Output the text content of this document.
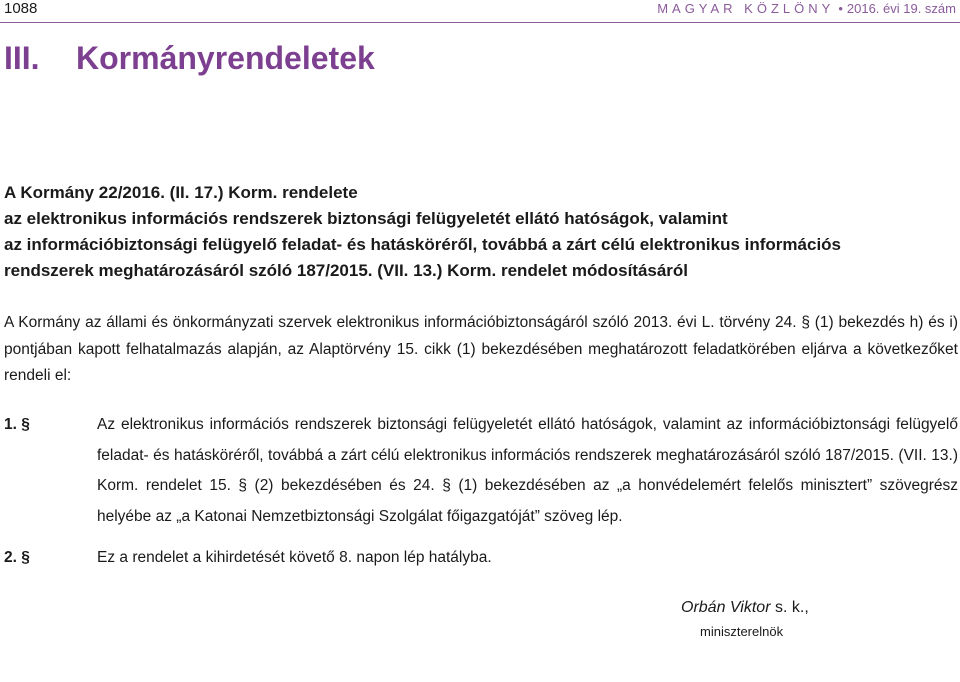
1088	MAGYAR KÖZLÖNY • 2016. évi 19. szám
III. Kormányrendeletek
A Kormány 22/2016. (II. 17.) Korm. rendelete
az elektronikus információs rendszerek biztonsági felügyeletét ellátó hatóságok, valamint
az információbiztonsági felügyelő feladat- és hatásköréről, továbbá a zárt célú elektronikus információs
rendszerek meghatározásáról szóló 187/2015. (VII. 13.) Korm. rendelet módosításáról

A Kormány az állami és önkormányzati szervek elektronikus információbiztonságáról szóló 2013. évi L. törvény 24. § (1) bekezdés h) és i) pontjában kapott felhatalmazás alapján, az Alaptörvény 15. cikk (1) bekezdésében meghatározott feladatkörében eljárva a következőket rendeli el:

1. §	Az elektronikus információs rendszerek biztonsági felügyeletét ellátó hatóságok, valamint az információbiztonsági felügyelő feladat- és hatásköréről, továbbá a zárt célú elektronikus információs rendszerek meghatározásáról szóló 187/2015. (VII. 13.) Korm. rendelet 15. § (2) bekezdésében és 24. § (1) bekezdésében az „a honvédelemért felelős minisztert” szövegrész helyébe az „a Katonai Nemzetbiztonsági Szolgálat főigazgatóját” szöveg lép.
2. §	Ez a rendelet a kihirdetését követő 8. napon lép hatályba.
Orbán Viktor s. k.,
miniszterelnök
